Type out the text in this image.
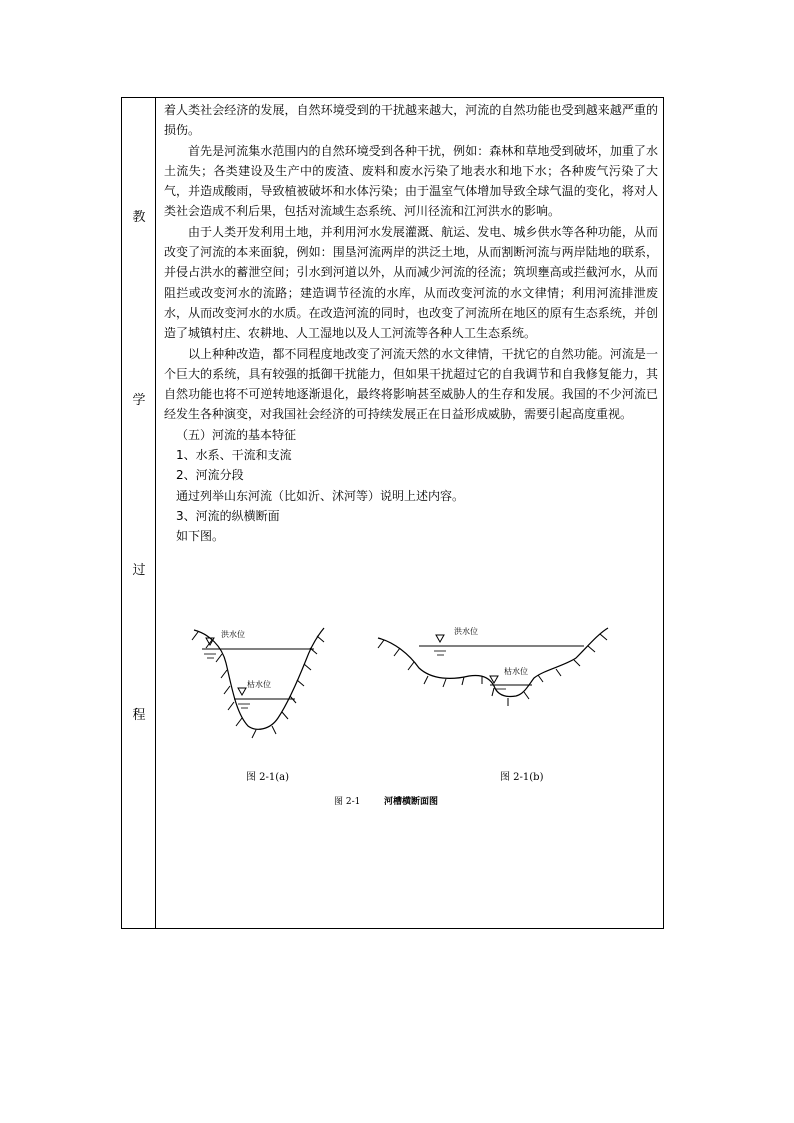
教
学
过
程

着人类社会经济的发展，自然环境受到的干扰越来越大，河流的自然功能也受到越来越严重的损伤。

首先是河流集水范围内的自然环境受到各种干扰，例如：森林和草地受到破坏，加重了水土流失；各类建设及生产中的废渣、废料和废水污染了地表水和地下水；各种废气污染了大气，并造成酸雨，导致植被破坏和水体污染；由于温室气体增加导致全球气温的变化，将对人类社会造成不利后果，包括对流域生态系统、河川径流和江河洪水的影响。

由于人类开发利用土地，并利用河水发展灌溉、航运、发电、城乡供水等各种功能，从而改变了河流的本来面貌，例如：围垦河流两岸的洪泛土地，从而割断河流与两岸陆地的联系，并侵占洪水的蓄泄空间；引水到河道以外，从而减少河流的径流；筑坝壅高或拦截河水，从而阻拦或改变河水的流路；建造调节径流的水库，从而改变河流的水文律情；利用河流排泄废水，从而改变河水的水质。在改造河流的同时，也改变了河流所在地区的原有生态系统，并创造了城镇村庄、农耕地、人工湿地以及人工河流等各种人工生态系统。

以上种种改造，都不同程度地改变了河流天然的水文律情，干扰它的自然功能。河流是一个巨大的系统，具有较强的抵御干扰能力，但如果干扰超过它的自我调节和自我修复能力，其自然功能也将不可逆转地逐渐退化，最终将影响甚至威胁人的生存和发展。我国的不少河流已经发生各种演变，对我国社会经济的可持续发展正在日益形成威胁，需要引起高度重视。

（五）河流的基本特征

1、水系、干流和支流

2、河流分段

通过列举山东河流（比如沂、沭河等）说明上述内容。

3、河流的纵横断面

如下图。

洪水位
枯水位
图 2-1(a)
洪水位
枯水位
图 2-1(b)
图 2-1	河槽横断面图
